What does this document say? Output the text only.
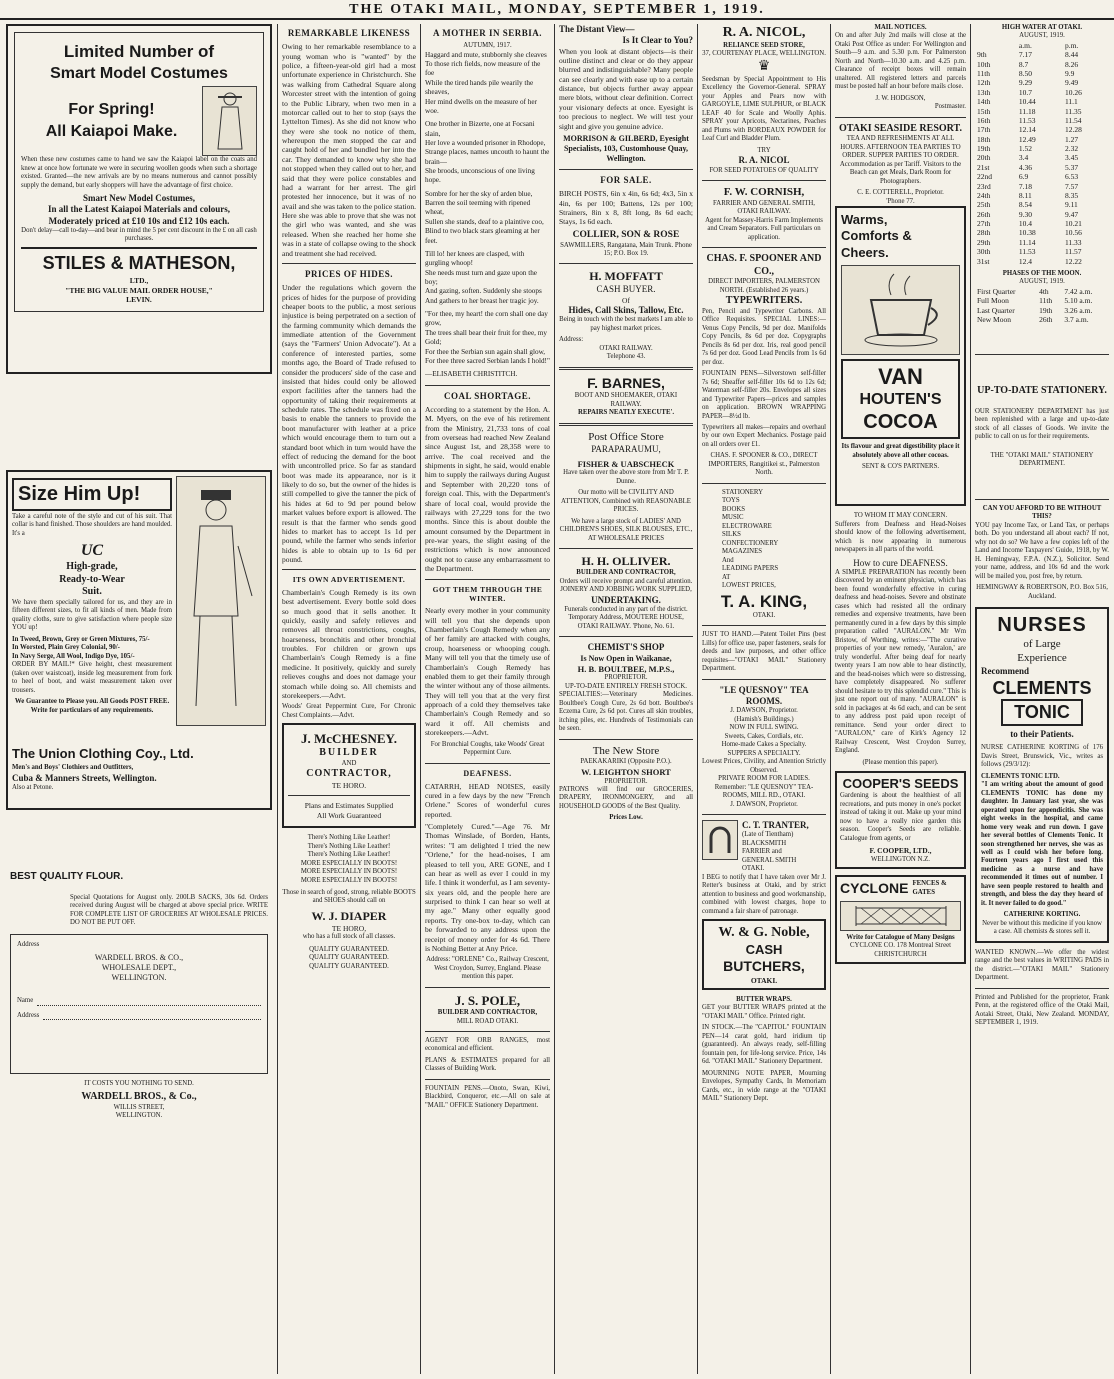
THE OTAKI MAIL, MONDAY, SEPTEMBER 1, 1919.
Limited Number of
Smart Model Costumes
For Spring!
All Kaiapoi Make.

When these new costumes came to hand we saw the Kaiapoi label on the coats and knew at once how fortunate we were in securing woollen goods when such a shortage existed. Granted—the new arrivals are by no means numerous and cannot possibly supply the demand, but early shoppers will have the advantage of first choice.

Smart New Model Costumes,
In all the Latest Kaiapoi Materials and colours,
Moderately priced at £10 10s and £12 10s each.

Don't delay—call to-day—and bear in mind the 5 per cent discount in the £ on all cash purchases.

STILES & MATHESON,
LTD.,
"THE BIG VALUE MAIL ORDER HOUSE,"
LEVIN.
Size Him Up!

Take a careful note of the style and cut of his suit. That collar is hand finished. Those shoulders are hand moulded. It's a

UC
High-grade,
Ready-to-Wear
Suit.

We have them specially tailored for us, and they are in fifteen different sizes, to fit all kinds of men. Made from quality cloths, sure to give satisfaction where people size YOU up!

In Tweed, Brown, Grey or Green Mixtures, 75/-
In Worsted, Plain Grey Colonial, 90/-
In Navy Serge, All Wool, Indigo Dye, 105/-

ORDER BY MAIL!* Give height, chest measurement (taken over waistcoat), inside leg measurement from fork to heel of boot, and waist measurement taken over trousers.

We Guarantee to Please you. All Goods POST FREE.
Write for particulars of any requirements.
The Union Clothing Coy., Ltd.
Men's and Boys' Clothiers and Outfitters,
Cuba & Manners Streets, Wellington.
Also at Petone.
BEST QUALITY FLOUR.

Special Quotations for August only. 200LB SACKS, 30s 6d. Orders received during August will be charged at above special price. WRITE FOR COMPLETE LIST OF GROCERIES AT WHOLESALE PRICES. DO NOT BE PUT OFF.

Address
WARDELL BROS. & CO.,
WHOLESALE DEPT.,
WELLINGTON.
Name
Address
IT COSTS YOU NOTHING TO SEND.
WARDELL BROS., & Co.,
WILLIS STREET,
WELLINGTON.
REMARKABLE LIKENESS

Owing to her remarkable resemblance to a young woman who is "wanted" by the police, a fifteen-year-old girl had a most unfortunate experience in Christchurch. She was walking from Cathedral Square along Worcester street with the intention of going to the Public Library, when two men in a motorcar called out to her to stop (says the Lyttelton Times). As she did not know who they were she took no notice of them, whereupon the men stopped the car and caught hold of her and bundled her into the car. They demanded to know why she had not stopped when they called out to her, and said that they were police constables and had a warrant for her arrest. The girl protested her innocence, but it was of no avail and she was taken to the police station. Here she was able to prove that she was not the girl who was wanted, and she was released. When she reached her home she was in a state of collapse owing to the shock and treatment she had received.

PRICES OF HIDES.

Under the regulations which govern the prices of hides for the purpose of providing cheaper boots to the public, a most serious injustice is being perpetrated on a section of the farming community which demands the immediate attention of the Government (says the "Farmers' Union Advocate"). At a conference of interested parties, some months ago, the Board of Trade refused to consider the producers' side of the case and insisted that hides could only be allowed export facilities after the tanners had the opportunity of taking their requirements at schedule rates. The schedule was fixed on a basis to enable the tanners to provide the boot manufacturer with leather at a price which would encourage them to turn out a standard boot which in turn would have the effect of reducing the demand for the boot with uncontrolled price. So far as standard boot was made its appearance, nor is it likely to do so, but the owner of the hides is still compelled to give the tanner the pick of his hides at 6d to 9d per pound below market values before export is allowed. The result is that the farmer who sends good hides to market has to accept 1s 1d per pound, while the farmer who sends inferior hides is able to obtain up to 1s 6d per pound.

ITS OWN ADVERTISEMENT.

Chamberlain's Cough Remedy is its own best advertisement. Every bottle sold does so much good that it sells another. It quickly, easily and safely relieves and removes all throat constrictions, coughs, hoarseness, bronchitis and other bronchial troubles. For children or grown ups Chamberlain's Cough Remedy is a fine medicine. It positively, quickly and surely relieves coughs and does not damage your stomach while doing so. All chemists and storekeepers.—Advt.

Woods' Great Peppermint Cure, For Chronic Chest Complaints.—Advt.

J. McCHESNEY.
BUILDER
AND
CONTRACTOR,
TE HORO.
Plans and Estimates Supplied
All Work Guaranteed
There's Nothing Like Leather!
There's Nothing Like Leather!
There's Nothing Like Leather!
MORE ESPECIALLY IN BOOTS!
MORE ESPECIALLY IN BOOTS!
MORE ESPECIALLY IN BOOTS!

Those in search of good, strong, reliable BOOTS and SHOES should call on

W. J. DIAPER
TE HORO,
who has a full stock of all classes.
QUALITY GUARANTEED.
QUALITY GUARANTEED.
QUALITY GUARANTEED.
A MOTHER IN SERBIA.
AUTUMN, 1917.
Haggard and mute, stubbornly she cleaves
To those rich fields, now measure of the foe
While the tired hands pile wearily the sheaves,
Her mind dwells on the measure of her woe.
One brother in Bizerte, one at Focsani slain,
Her love a wounded prisoner in Rhodope,
Strange places, names uncouth to haunt the brain—
She broods, unconscious of one living hope.
Sombre for her the sky of arden blue,
Barren the soil teeming with ripened wheat,
Sullen she stands, deaf to a plaintive coo,
Blind to two black stars gleaming at her feet.
Till lo! her knees are clasped, with gurgling whoop!
She needs must turn and gaze upon the boy;
And gazing, soften. Suddenly she stoops
And gathers to her breast her tragic joy.
"For thee, my heart! the corn shall one day grow,
The trees shall bear their fruit for thee, my Gold;
For thee the Serbian sun again shall glow,
For thee three sacred Serbian lands I hold!"
—ELISABETH CHRISTITCH.
COAL SHORTAGE.

According to a statement by the Hon. A. M. Myers, on the eve of his retirement from the Ministry, 21,733 tons of coal from overseas had reached New Zealand since August 1st, and 28,358 were to arrive. The coal received and the shipments in sight, he said, would enable him to supply the railways during August and September with 20,220 tons of foreign coal. This, with the Department's share of local coal, would provide the railways with 27,229 tons for the two months. Since this is about double the amount consumed by the Department in pre-war years, the slight easing of the restrictions which is now announced ought not to cause any embarrassment to the Department.

GOT THEM THROUGH THE WINTER.

Nearly every mother in your community will tell you that she depends upon Chamberlain's Cough Remedy when any of her family are attacked with coughs, croup, hoarseness or whooping cough. Many will tell you that the timely use of Chamberlain's Cough Remedy has enabled them to get their family through the winter without any of those ailments. They will tell you that at the very first approach of a cold they themselves take Chamberlain's Cough Remedy and so ward it off. All chemists and storekeepers.—Advt.

For Bronchial Coughs, take Woods' Great Peppermint Cure.

DEAFNESS.

CATARRH, HEAD NOISES, easily cured in a few days by the new "French Orlene." Scores of wonderful cures reported.

"Completely Cured."—Age 76. Mr Thomas Winslade, of Borden, Hants, writes: "I am delighted I tried the new "Orlene," for the head-noises, I am pleased to tell you, ARE GONE, and I can hear as well as ever I could in my life. I think it wonderful, as I am seventy-six years old, and the people here are surprised to think I can hear so well at my age." Many other equally good reports. Try one-box to-day, which can be forwarded to any address upon the receipt of money order for 4s 6d. There is Nothing Better at Any Price.

Address: "ORLENE" Co., Railway Crescent, West Croydon, Surrey, England. Please mention this paper.

J. S. POLE,
BUILDER AND CONTRACTOR,
MILL ROAD OTAKI.

AGENT FOR ORB RANGES, most economical and efficient.

PLANS & ESTIMATES prepared for all Classes of Building Work.

FOUNTAIN PENS.—Onoto, Swan, Kiwi, Blackbird, Conqueror, etc.—All on sale at "MAIL" OFFICE Stationery Department.

The Distant View—
Is It Clear to You?

When you look at distant objects—is their outline distinct and clear or do they appear blurred and indistinguishable? Many people can see clearly and with ease up to a certain distance, but objects further away appear mere blots, without clear definition. Correct your visionary defects at once. Eyesight is too precious to neglect. We will test your sight and give you genuine advice.

MORRISON & GILBERD, Eyesight Specialists, 103, Customhouse Quay, Wellington.
FOR SALE.

BIRCH POSTS, 6in x 4in, 6s 6d; 4x3, 5in x 4in, 6s per 100; Battens, 12s per 100; Strainers, 8in x 8, 8ft long, 8s 6d each; Stays, 1s 6d each.

COLLIER, SON & ROSE
SAWMILLERS, Rangatana, Main Trunk. Phone 15; P.O. Box 19.
H. MOFFATT
CASH BUYER.
Of
Hides, Call Skins, Tallow, Etc.

Being in touch with the best markets I am able to pay highest market prices.

Address:
OTAKI RAILWAY.
Telephone 43.
F. BARNES,
BOOT AND SHOEMAKER, OTAKI RAILWAY.
REPAIRS NEATLY EXECUTE'.
Post Office Store
PARAPARAUMU,
FISHER & UABSCHECK

Have taken over the above store from Mr T. P. Dunne.

Our motto will be CIVILITY AND ATTENTION, Combined with REASONABLE PRICES.

We have a large stock of LADIES' AND CHILDREN'S SHOES, SILK BLOUSES, ETC., AT WHOLESALE PRICES

H. H. OLLIVER.
BUILDER AND CONTRACTOR,
Orders will receive prompt and careful attention.
JOINERY AND JOBBING WORK SUPPLIED,
UNDERTAKING.
Funerals conducted in any part of the district.
Temporary Address, MOUTERE HOUSE, OTAKI RAILWAY. 'Phone, No. 61.
CHEMIST'S SHOP
Is Now Open in Waikanae,
H. B. BOULTBEE, M.P.S.,
PROPRIETOR.
UP-TO-DATE ENTIRELY FRESH STOCK.

SPECIALTIES:—Veterinary Medicines. Boultbee's Cough Cure, 2s 6d bott. Boultbee's Eczema Cure, 2s 6d pot. Cures all skin troubles, itching piles, etc. Hundreds of Testimonials can be seen.

The New Store
PAEKAKARIKI (Opposite P.O.).
W. LEIGHTON SHORT
PROPRIETOR.

PATRONS will find our GROCERIES, DRAPERY, IRONMONGERY, and all HOUSEHOLD GOODS of the Best Quality.

Prices Low.
R. A. NICOL,
RELIANCE SEED STORE,
37, COURTENAY PLACE, WELLINGTON.
♛

Seedsman by Special Appointment to His Excellency the Governor-General. SPRAY your Apples and Pears now with GARGOYLE, LIME SULPHUR, or BLACK LEAF 40 for Scale and Woolly Aphis. SPRAY your Apricots, Nectarines, Peaches and Plums with BORDEAUX POWDER for Leaf Curl and Bladder Plum.

TRY
R. A. NICOL
FOR SEED POTATOES OF QUALITY
F. W. CORNISH,
FARRIER AND GENERAL SMITH, OTAKI RAILWAY.

Agent for Massey-Harris Farm Implements and Cream Separators. Full particulars on application.

CHAS. F. SPOONER AND CO.,
DIRECT IMPORTERS, PALMERSTON NORTH. (Established 26 years.)
TYPEWRITERS.

Pen, Pencil and Typewriter Carbons. All Office Requisites. SPECIAL LINES:— Venus Copy Pencils, 9d per doz. Manifolds Copy Pencils, 8s 6d per doz. Copygraphs Pencils 8s 6d per doz. Iris, real good pencil 7s 6d per doz. Good Lead Pencils from 1s 6d per doz.

FOUNTAIN PENS—Silverstown self-filler 7s 6d; Sheaffer self-filler 10s 6d to 12s 6d; Waterman self-filler 20s. Envelopes all sizes and Typewriter Papers—prices and samples on application. BROWN WRAPPING PAPER—8½d lb.

Typewriters all makes—repairs and overhaul by our own Expert Mechanics. Postage paid on all orders over £1.

CHAS. F. SPOONER & CO., DIRECT IMPORTERS, Rangitikei st., Palmerston North.

STATIONERY
TOYS
BOOKS
MUSIC
ELECTROWARE
SILKS
CONFECTIONERY
MAGAZINES
And
LEADING PAPERS
AT
LOWEST PRICES,
T. A. KING,
OTAKI.

JUST TO HAND.—Patent Toilet Pins (best Lills) for office use, paper fasteners, seals for deeds and law purposes, and other office requisites—"OTAKI MAIL" Stationery Department.

"LE QUESNOY" TEA ROOMS.
J. DAWSON, Proprietor.
(Hamish's Buildings.)
NOW IN FULL SWING.
Sweets, Cakes, Cordials, etc.
Home-made Cakes a Specialty.
SUPPERS A SPECIALTY.
Lowest Prices, Civility, and Attention Strictly Observed.
PRIVATE ROOM FOR LADIES.
Remember: "LE QUESNOY" TEA-ROOMS, MILL RD., OTAKI.
J. DAWSON, Proprietor.
C. T. TRANTER,
(Late of Tientham)
BLACKSMITH
FARRIER and
GENERAL SMITH
OTAKI.

I BEG to notify that I have taken over Mr J. Retter's business at Otaki, and by strict attention to business and good workmanship, combined with lowest charges, hope to command a fair share of patronage.

W. & G. Noble,
CASH
BUTCHERS,
OTAKI.
BUTTER WRAPS.

GET your BUTTER WRAPS printed at the "OTAKI MAIL" Office. Printed right.

IN STOCK.—The "CAPITOL" FOUNTAIN PEN—14 carat gold, hard iridium tip (guaranteed). An always ready, self-filling fountain pen, for life-long service. Price, 14s 6d. "OTAKI MAIL" Stationery Department.

MOURNING NOTE PAPER, Mourning Envelopes, Sympathy Cards, In Memoriam Cards, etc., in wide range at the "OTAKI MAIL" Stationery Dept.

MAIL NOTICES.

On and after July 2nd mails will close at the Otaki Post Office as under: For Wellington and South—9 a.m. and 5.30 p.m. For Palmerston North and North—10.30 a.m. and 4.25 p.m. Clearance of receipt boxes will remain unaltered. All registered letters and parcels must be posted half an hour before mails close.

J. W. HODGSON,
Postmaster.
OTAKI SEASIDE RESORT.

TEA AND REFRESHMENTS AT ALL HOURS. AFTERNOON TEA PARTIES TO ORDER. SUPPER PARTIES TO ORDER. Accommodation as per Tariff. Visitors to the Beach can get Meals, Dark Room for Photographers.

C. E. COTTERELL, Proprietor.
'Phone 77.
Warms,
Comforts &
Cheers.
VAN
HOUTEN'S
COCOA

Its flavour and great digestibility place it absolutely above all other cocoas.

SENT & CO'S PARTNERS.
TO WHOM IT MAY CONCERN.

Sufferers from Deafness and Head-Noises should know of the following advertisement, which is now appearing in numerous newspapers in all parts of the world.

How to cure DEAFNESS.

A SIMPLE PREPARATION has recently been discovered by an eminent physician, which has been found wonderfully effective in curing deafness and head-noises. Severe and obstinate cases which had resisted all the ordinary remedies and expensive treatments, have been permanently cured in a few days by this simple preparation called "AURALON." Mr Wm Bristow, of Worthing, writes:—"The curative properties of your new remedy, 'Auralon,' are truly wonderful. After being deaf for nearly twenty years I am now able to hear distinctly, and the head-noises which were so distressing, have completely disappeared. No sufferer should hesitate to try this splendid cure." This is just one report out of many. "AURALON" is sold in packages at 4s 6d each, and can be sent to any address post paid upon receipt of remittance. Send your order direct to "AURALON," care of Kirk's Agency 12 Railway Crescent, West Croydon Surrey, England.

(Please mention this paper).
COOPER'S SEEDS

Gardening is about the healthiest of all recreations, and puts money in one's pocket instead of taking it out. Make up your mind now to have a really nice garden this season. Cooper's Seeds are reliable. Catalogue from agents, or

F. COOPER, LTD.,
WELLINGTON N.Z.
CYCLONE FENCES & GATES
Write for Catalogue of Many Designs
CYCLONE CO. 178 Montreal Street CHRISTCHURCH
HIGH WATER AT OTAKI.
AUGUST, 1919.
	a.m.	p.m.
9th	7.17	8.44
10th	8.7	8.26
11th	8.50	9.9
12th	9.29	9.49
13th	10.7	10.26
14th	10.44	11.1
15th	11.18	11.35
16th	11.53	11.54
17th	12.14	12.28
18th	12.49	1.27
19th	1.52	2.32
20th	3.4	3.45
21st	4.36	5.37
22nd	6.9	6.53
23rd	7.18	7.57
24th	8.11	8.35
25th	8.54	9.11
26th	9.30	9.47
27th	10.4	10.21
28th	10.38	10.56
29th	11.14	11.33
30th	11.53	11.57
31st	12.4	12.22
PHASES OF THE MOON.
AUGUST, 1919.
First Quarter	4th	7.42 a.m.
Full Moon	11th	5.10 a.m.
Last Quarter	19th	3.26 a.m.
New Moon	26th	3.7 a.m.
UP-TO-DATE STATIONERY.

OUR STATIONERY DEPARTMENT has just been replenished with a large and up-to-date stock of all classes of Goods. We invite the public to call on us for their requirements.

THE "OTAKI MAIL" STATIONERY DEPARTMENT.
CAN YOU AFFORD TO BE WITHOUT THIS?

YOU pay Income Tax, or Land Tax, or perhaps both. Do you understand all about each? If not, why not do so? We have a few copies left of the Land and Income Taxpayers' Guide, 1918, by W. H. Hemingway, F.P.A. (N.Z.), Solicitor. Send your name, address, and 10s 6d and the work will be mailed you, post free, by return.

HEMINGWAY & ROBERTSON, P.O. Box 516, Auckland.
NURSES
of Large
Experience
Recommend
CLEMENTS
TONIC
to their Patients.

NURSE CATHERINE KORTING of 176 Davis Street, Brunswick, Vic., writes as follows (29/3/12):

CLEMENTS TONIC LTD.

"I am writing about the amount of good CLEMENTS TONIC has done my daughter. In January last year, she was operated upon for appendicitis. She was eight weeks in the hospital, and came home very weak and run down. I gave her several bottles of Clements Tonic. It soon strengthened her nerves, she was as well as I could wish her before long. Fourteen years ago I first used this medicine as a nurse and have recommended it times out of number. I have seen people restored to health and strength, and bless the day they heard of it. It never failed to do good."

CATHERINE KORTING.
Never be without this medicine if you know a case. All chemists & stores sell it.

WANTED KNOWN.—We offer the widest range and the best values in WRITING PADS in the district.—"OTAKI MAIL" Stationery Department.

Printed and Published for the proprietor, Frank Penn, at the registered office of the Otaki Mail, Aotaki Street, Otaki, New Zealand. MONDAY, SEPTEMBER 1, 1919.
